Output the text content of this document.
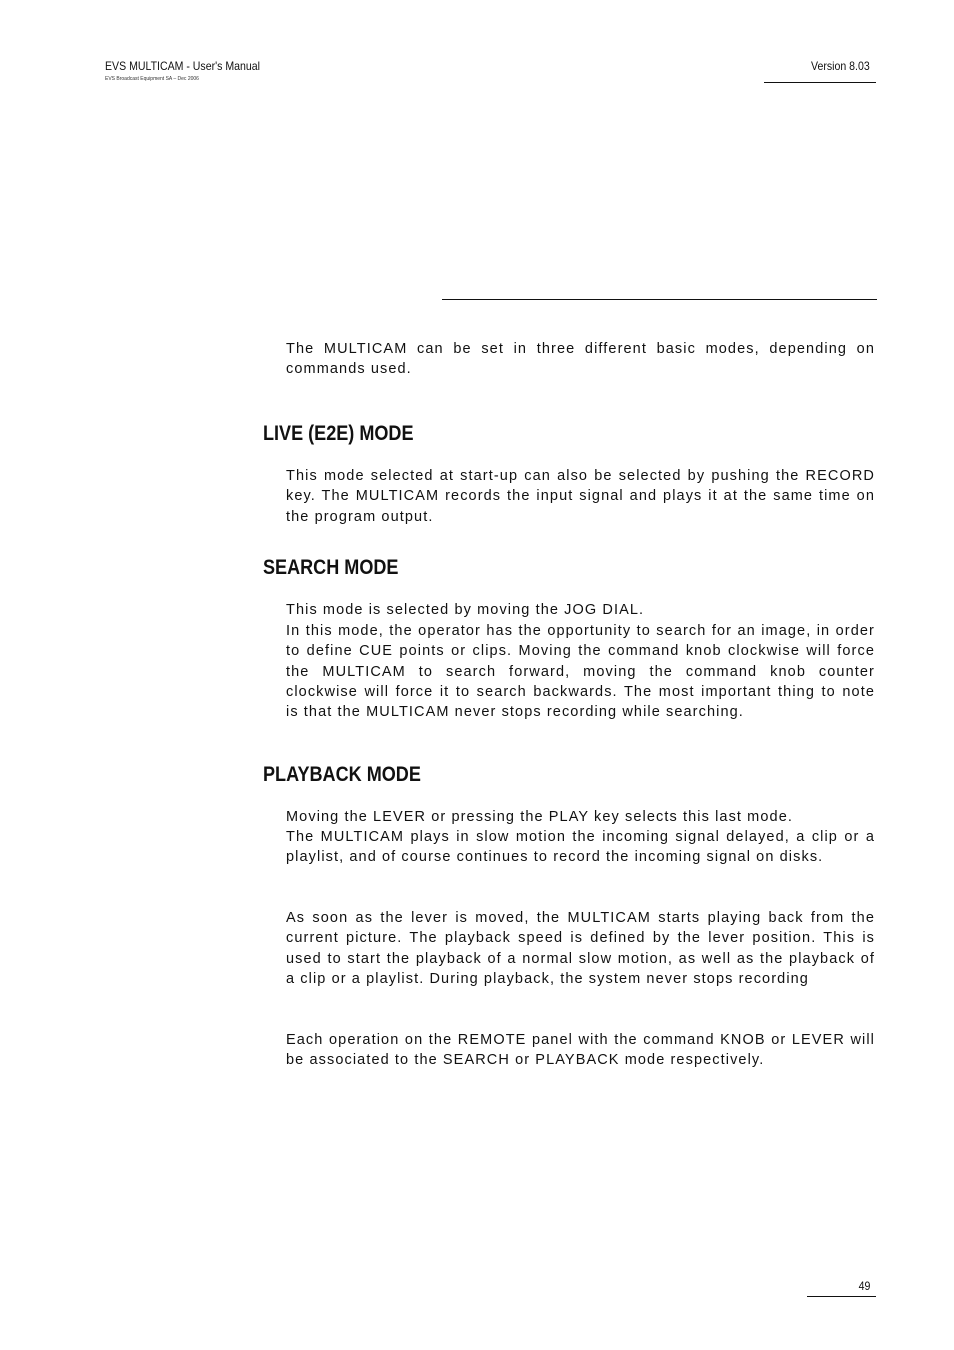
EVS MULTICAM - User's Manual
EVS Broadcast Equipment SA – Dec 2006
Version 8.03

The MULTICAM can be set in three different basic modes, depending on commands used.

LIVE (E2E) MODE

This mode selected at start-up can also be selected by pushing the RECORD key. The MULTICAM records the input signal and plays it at the same time on the program output.

SEARCH MODE

This mode is selected by moving the JOG DIAL.

In this mode, the operator has the opportunity to search for an image, in order to define CUE points or clips. Moving the command knob clockwise will force the MULTICAM to search forward, moving the command knob counter clockwise will force it to search backwards. The most important thing to note is that the MULTICAM never stops recording while searching.

PLAYBACK MODE

Moving the LEVER or pressing the PLAY key selects this last mode.

The MULTICAM plays in slow motion the incoming signal delayed, a clip or a playlist, and of course continues to record the incoming signal on disks.

As soon as the lever is moved, the MULTICAM starts playing back from the current picture. The playback speed is defined by the lever position. This is used to start the playback of a normal slow motion, as well as the playback of a clip or a playlist. During playback, the system never stops recording

Each operation on the REMOTE panel with the command KNOB or LEVER will be associated to the SEARCH or PLAYBACK mode respectively.

49
